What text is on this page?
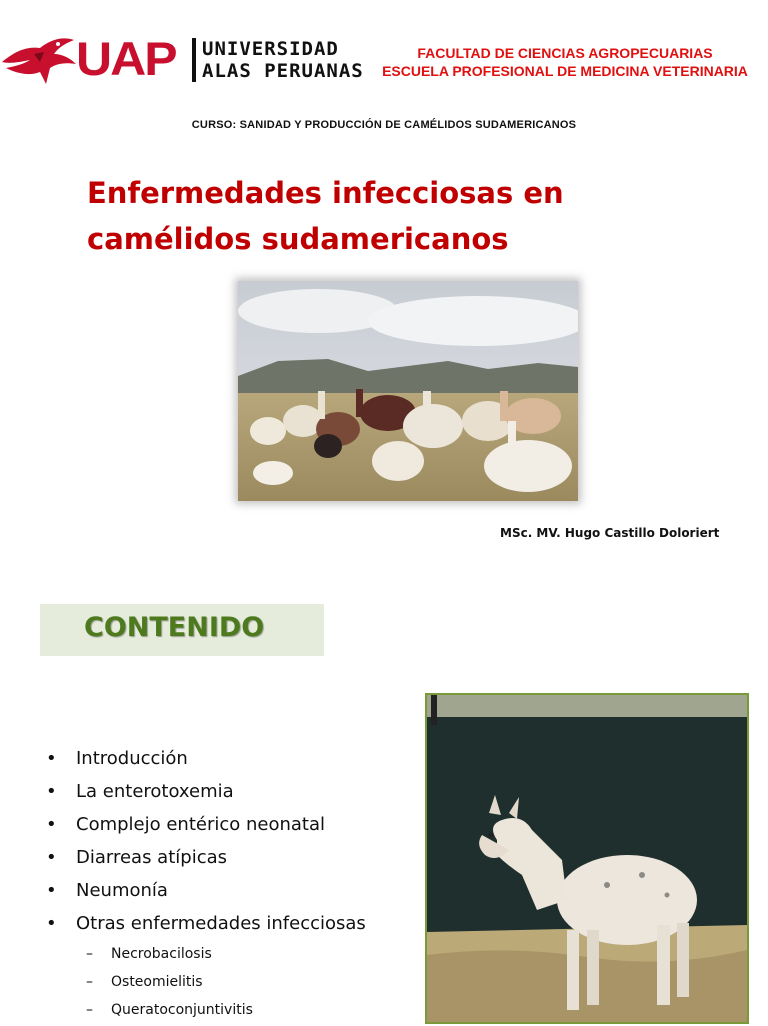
UAP UNIVERSIDAD
ALAS PERUANAS
FACULTAD DE CIENCIAS AGROPECUARIAS
ESCUELA PROFESIONAL DE MEDICINA VETERINARIA
CURSO: SANIDAD Y PRODUCCIÓN DE CAMÉLIDOS SUDAMERICANOS
Enfermedades infecciosas en
camélidos sudamericanos
MSc. MV. Hugo Castillo Doloriert
CONTENIDO
• Introducción
• La enterotoxemia
• Complejo entérico neonatal
• Diarreas atípicas
• Neumonía
• Otras enfermedades infecciosas
– Necrobacilosis
– Osteomielitis
– Queratoconjuntivitis
